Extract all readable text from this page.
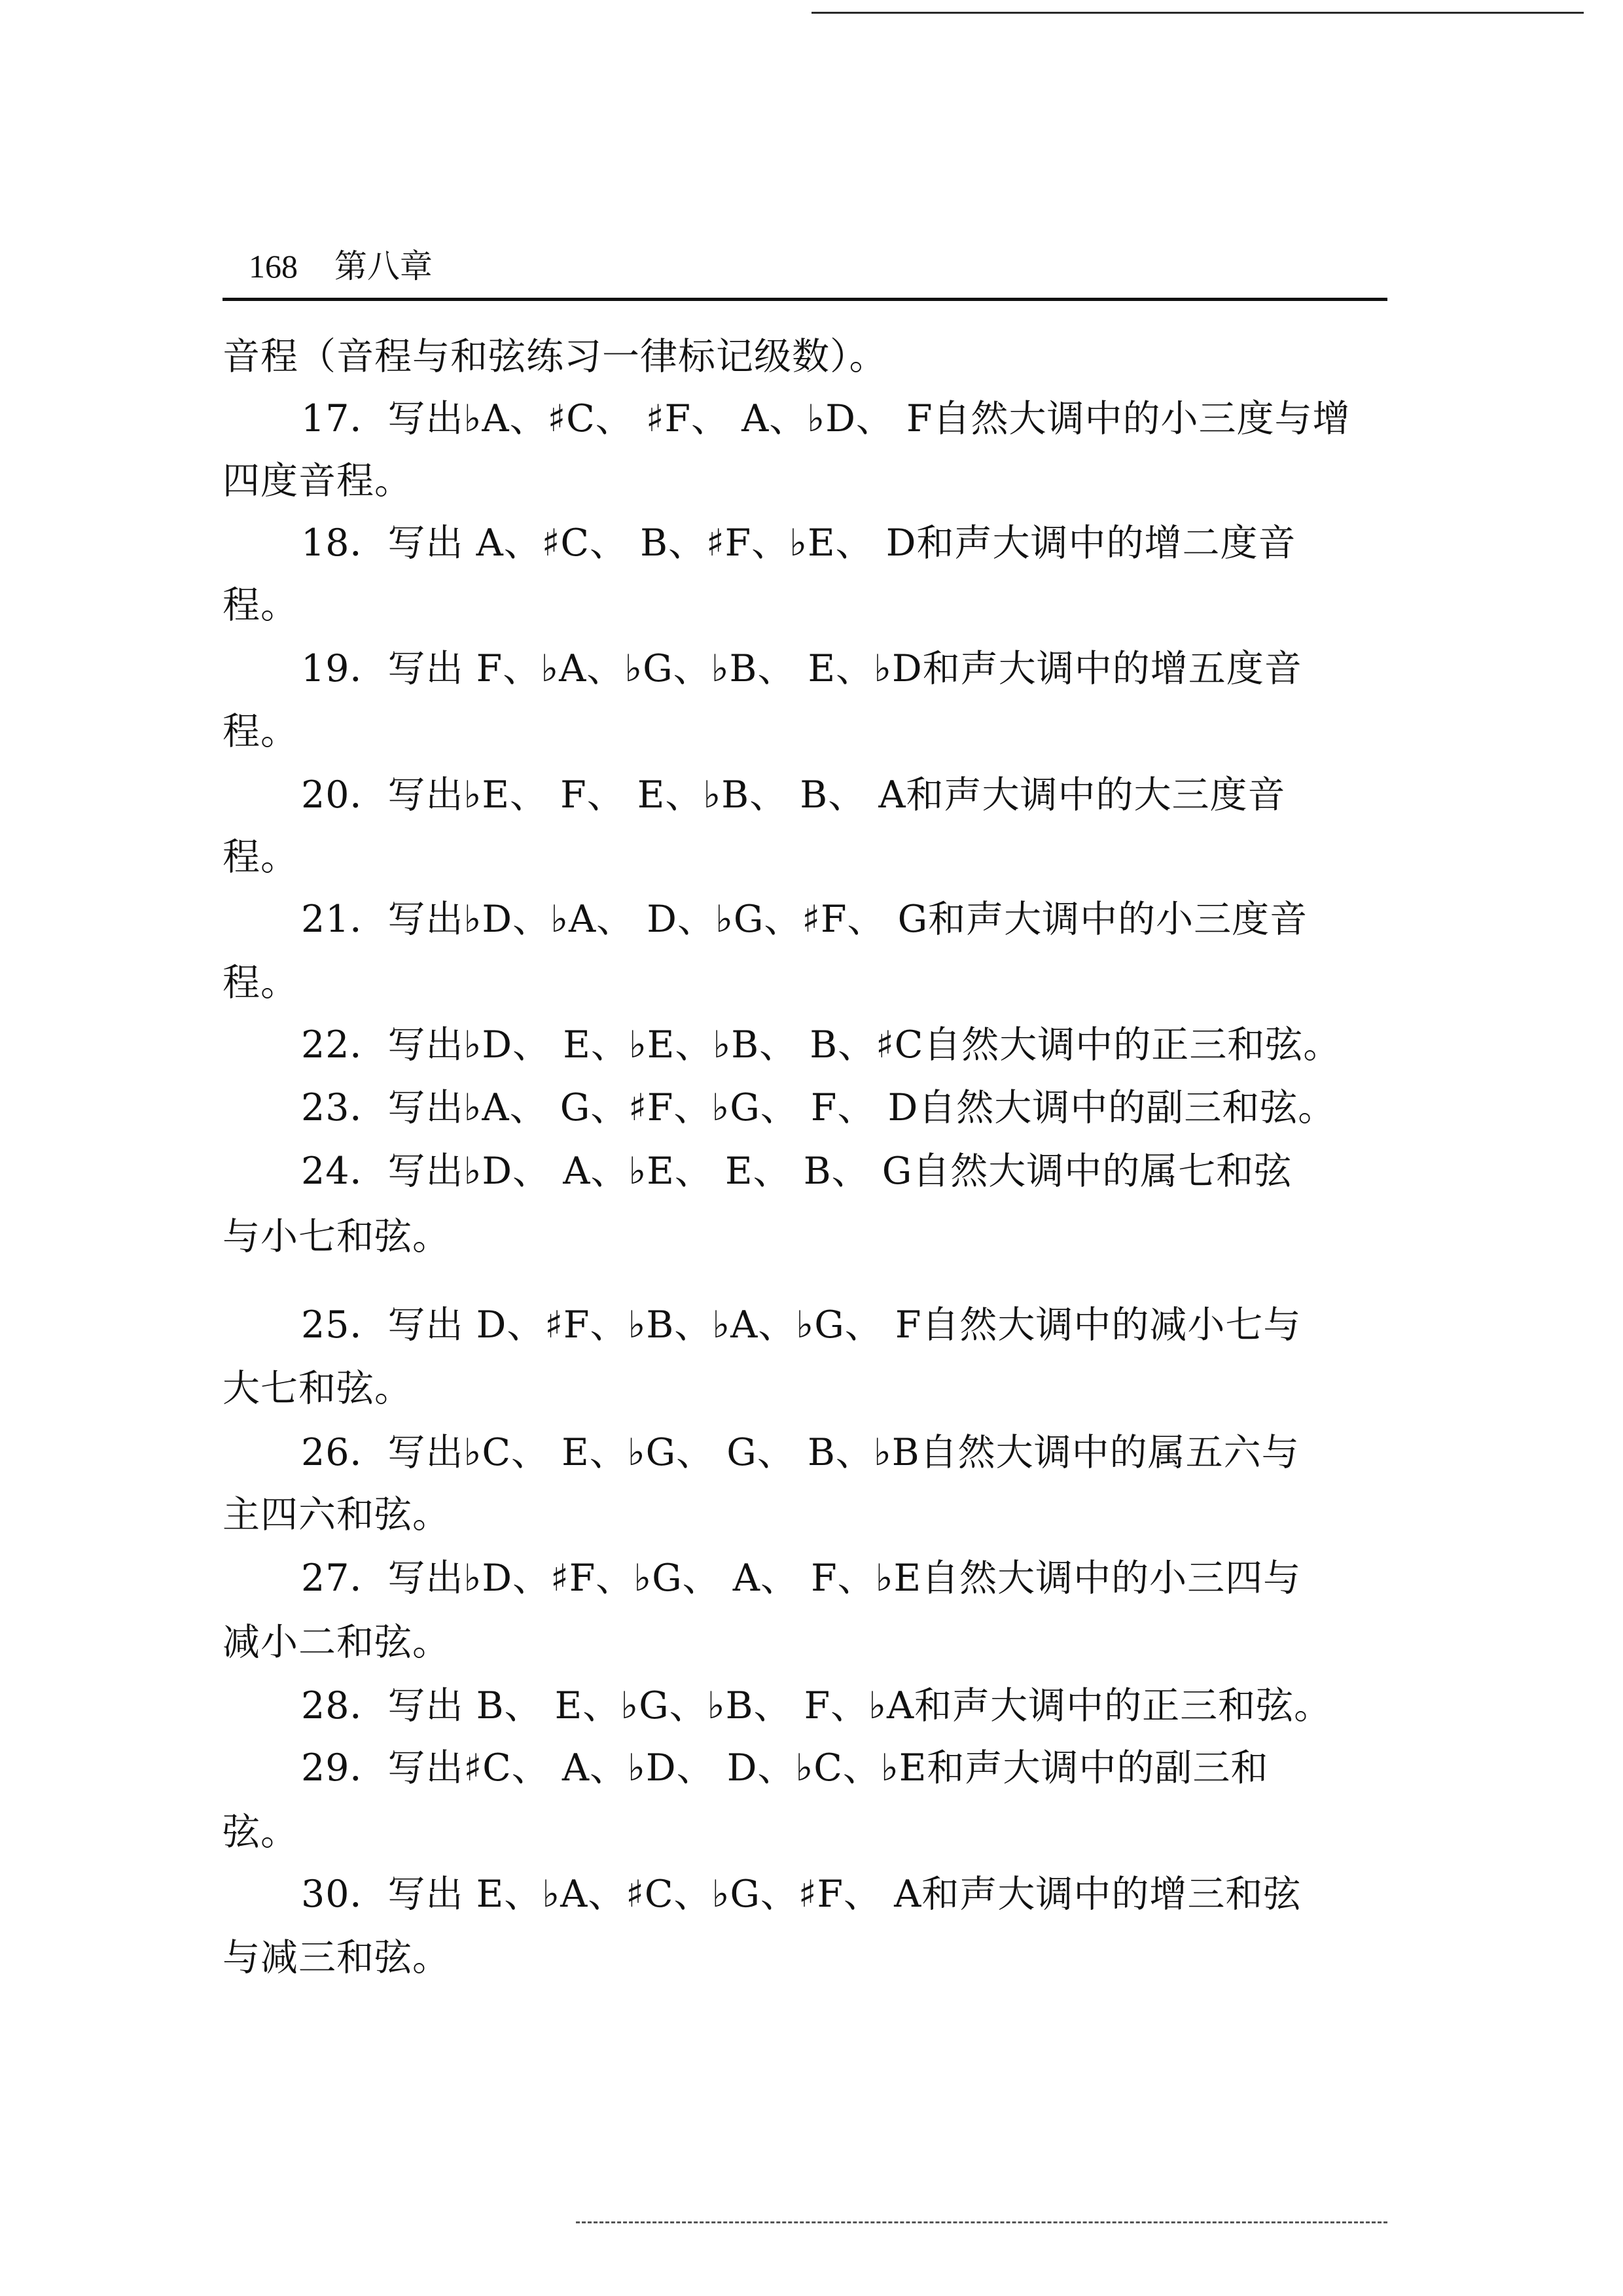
168 第八章
音程（音程与和弦练习一律标记级数）。
17．写出♭A、♯C、 ♯F、 A、♭D、 F自然大调中的小三度与增
四度音程。
18．写出 A、♯C、 B、♯F、♭E、 D和声大调中的增二度音
程。
19．写出 F、♭A、♭G、♭B、 E、♭D和声大调中的增五度音
程。
20．写出♭E、 F、 E、♭B、 B、 A和声大调中的大三度音
程。
21．写出♭D、♭A、 D、♭G、♯F、 G和声大调中的小三度音
程。
22．写出♭D、 E、♭E、♭B、 B、♯C自然大调中的正三和弦。
23．写出♭A、 G、♯F、♭G、 F、 D自然大调中的副三和弦。
24．写出♭D、 A、♭E、 E、 B、 G自然大调中的属七和弦
与小七和弦。
25．写出 D、♯F、♭B、♭A、♭G、 F自然大调中的减小七与
大七和弦。
26．写出♭C、 E、♭G、 G、 B、♭B自然大调中的属五六与
主四六和弦。
27．写出♭D、♯F、♭G、 A、 F、♭E自然大调中的小三四与
减小二和弦。
28．写出 B、 E、♭G、♭B、 F、♭A和声大调中的正三和弦。
29．写出♯C、 A、♭D、 D、♭C、♭E和声大调中的副三和
弦。
30．写出 E、♭A、♯C、♭G、♯F、 A和声大调中的增三和弦
与减三和弦。
